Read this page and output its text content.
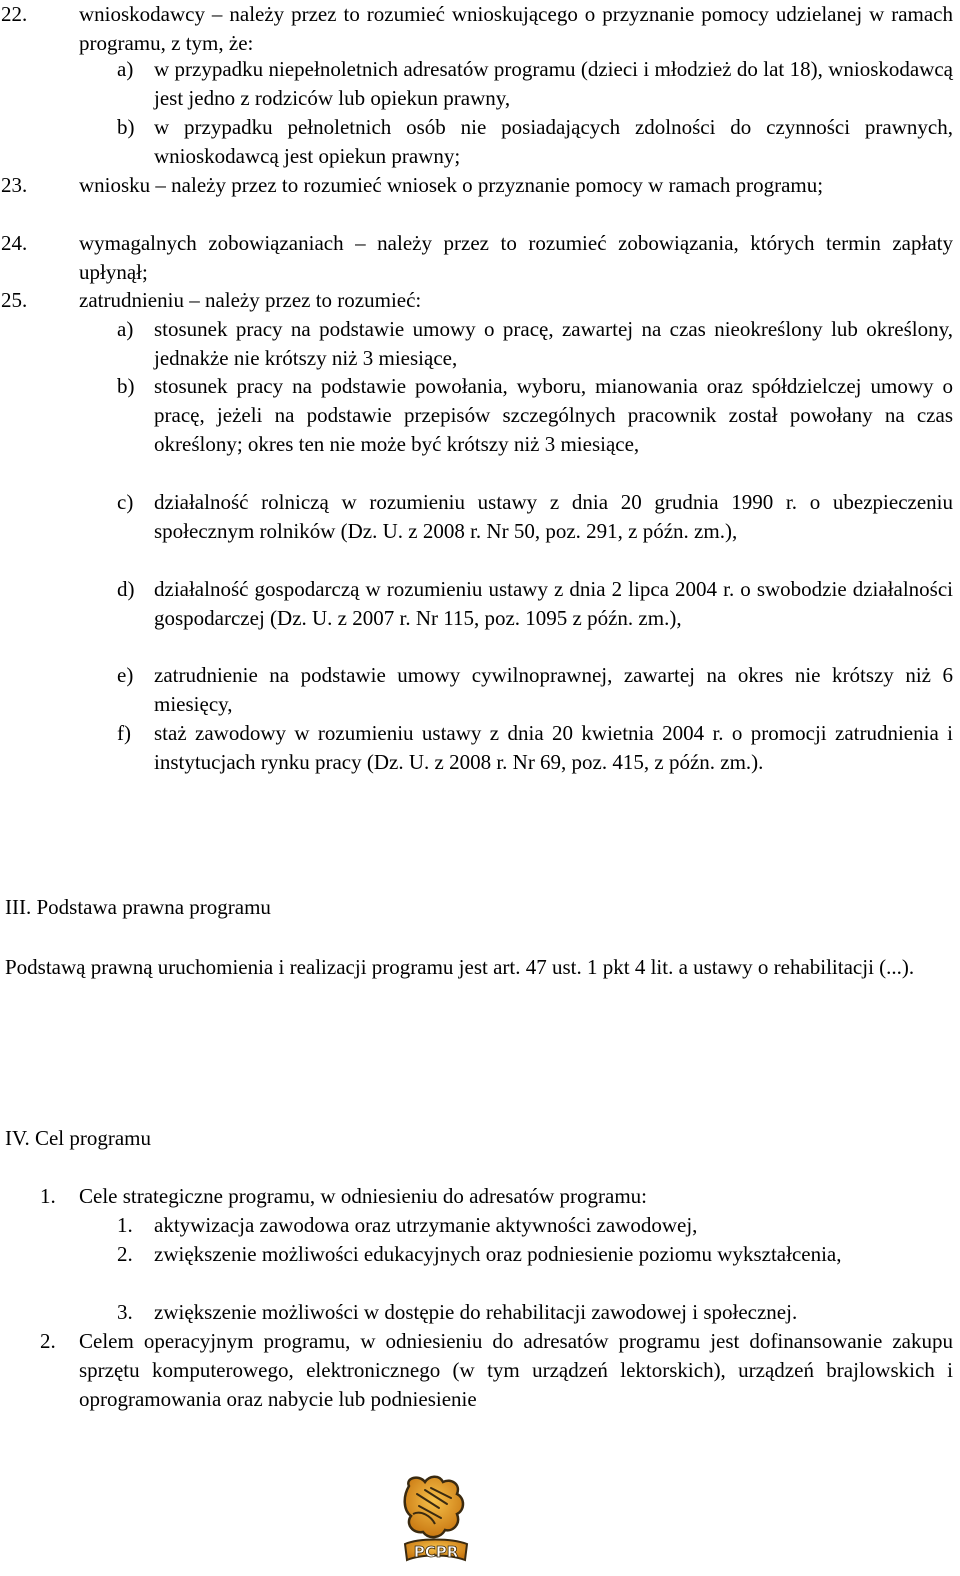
22. wnioskodawcy – należy przez to rozumieć wnioskującego o przyznanie pomocy udzielanej w ramach programu, z tym, że:
a) w przypadku niepełnoletnich adresatów programu (dzieci i młodzież do lat 18), wnioskodawcą jest jedno z rodziców lub opiekun prawny,
b) w przypadku pełnoletnich osób nie posiadających zdolności do czynności prawnych, wnioskodawcą jest opiekun prawny;
23. wniosku – należy przez to rozumieć wniosek o przyznanie pomocy w ramach programu;
24. wymagalnych zobowiązaniach – należy przez to rozumieć zobowiązania, których termin zapłaty upłynął;
25. zatrudnieniu – należy przez to rozumieć:
a) stosunek pracy na podstawie umowy o pracę, zawartej na czas nieokreślony lub określony, jednakże nie krótszy niż 3 miesiące,
b) stosunek pracy na podstawie powołania, wyboru, mianowania oraz spółdzielczej umowy o pracę, jeżeli na podstawie przepisów szczególnych pracownik został powołany na czas określony; okres ten nie może być krótszy niż 3 miesiące,
c) działalność rolniczą w rozumieniu ustawy z dnia 20 grudnia 1990 r. o ubezpieczeniu społecznym rolników (Dz. U. z 2008 r. Nr 50, poz. 291, z późn. zm.),
d) działalność gospodarczą w rozumieniu ustawy z dnia 2 lipca 2004 r. o swobodzie działalności gospodarczej (Dz. U. z 2007 r. Nr 115, poz. 1095 z późn. zm.),
e) zatrudnienie na podstawie umowy cywilnoprawnej, zawartej na okres nie krótszy niż 6 miesięcy,
f) staż zawodowy w rozumieniu ustawy z dnia 20 kwietnia 2004 r. o promocji zatrudnienia i instytucjach rynku pracy (Dz. U. z 2008 r. Nr 69, poz. 415, z późn. zm.).
III. Podstawa prawna programu
Podstawą prawną uruchomienia i realizacji programu jest art. 47 ust. 1 pkt 4 lit. a ustawy o rehabilitacji (...).
IV. Cel programu
1. Cele strategiczne programu, w odniesieniu do adresatów programu:
1. aktywizacja zawodowa oraz utrzymanie aktywności zawodowej,
2. zwiększenie możliwości edukacyjnych oraz podniesienie poziomu wykształcenia,
3. zwiększenie możliwości w dostępie do rehabilitacji zawodowej i społecznej.
2. Celem operacyjnym programu, w odniesieniu do adresatów programu jest dofinansowanie zakupu sprzętu komputerowego, elektronicznego (w tym urządzeń lektorskich), urządzeń brajlowskich i oprogramowania oraz nabycie lub podniesienie
PCPR
